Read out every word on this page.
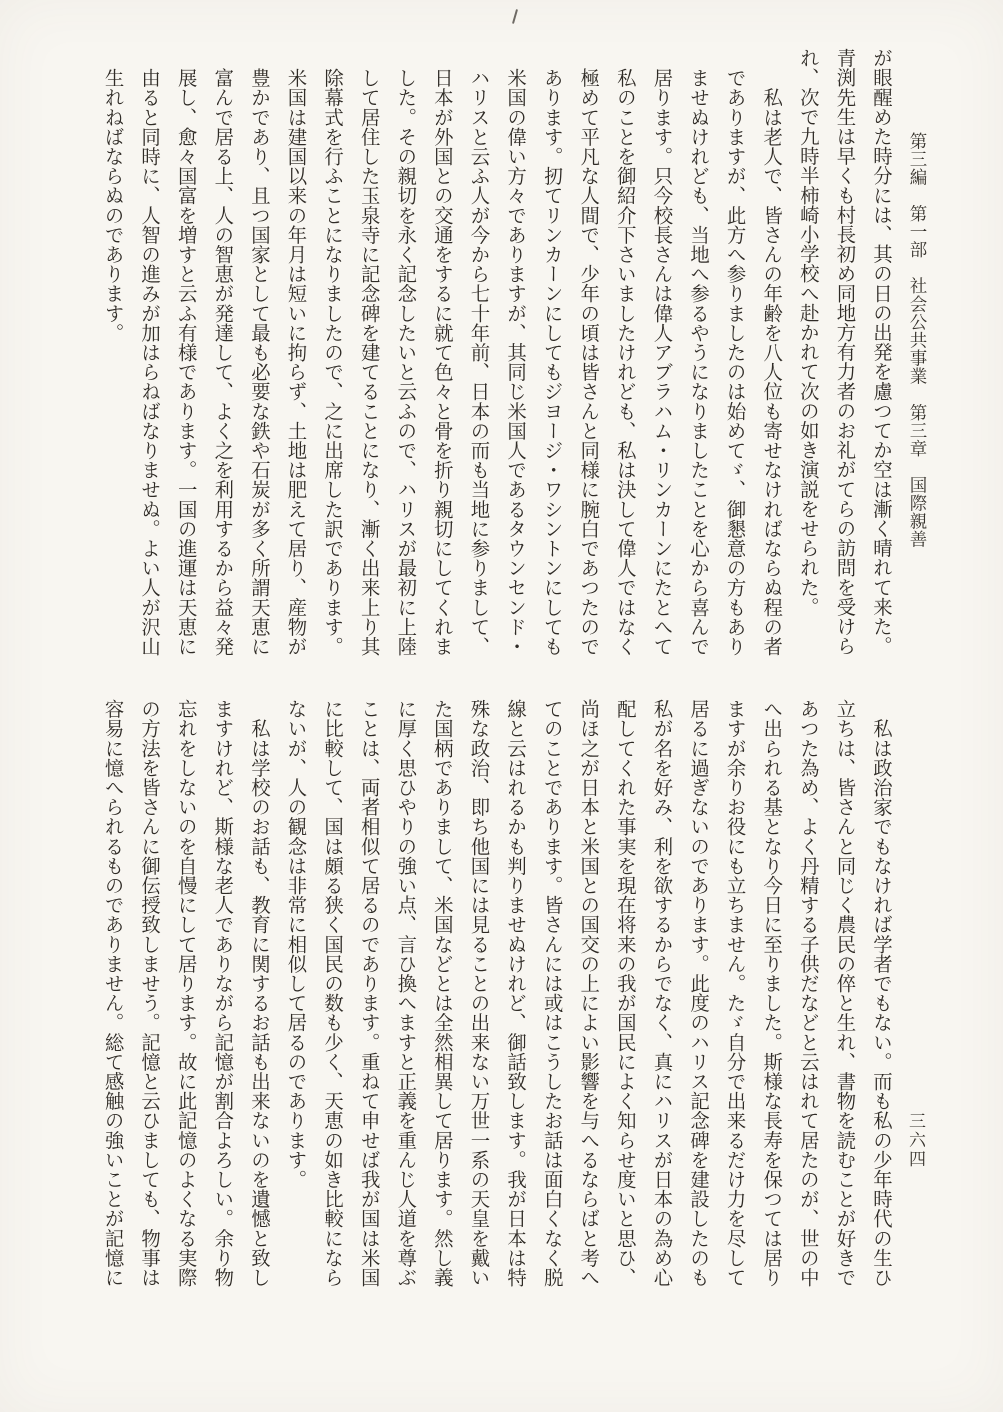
第三編　第一部　社会公共事業　第三章　国際親善
が眼醒めた時分には、其の日の出発を慮つてか空は漸く晴れて来た。
青渕先生は早くも村長初め同地方有力者のお礼がてらの訪問を受けら
れ、次で九時半柿崎小学校へ赴かれて次の如き演説をせられた。
　私は老人で、皆さんの年齢を八人位も寄せなければならぬ程の者
でありますが、此方へ参りましたのは始めてゞ、御懇意の方もあり
ませぬけれども、当地へ参るやうになりましたことを心から喜んで
居ります。只今校長さんは偉人アブラハム・リンカーンにたとへて
私のことを御紹介下さいましたけれども、私は決して偉人ではなく
極めて平凡な人間で、少年の頃は皆さんと同様に腕白であつたので
あります。扨てリンカーンにしてもジヨージ・ワシントンにしても
米国の偉い方々でありますが、其同じ米国人であるタウンセンド・
ハリスと云ふ人が今から七十年前、日本の而も当地に参りまして、
日本が外国との交通をするに就て色々と骨を折り親切にしてくれま
した。その親切を永く記念したいと云ふので、ハリスが最初に上陸
して居住した玉泉寺に記念碑を建てることになり、漸く出来上り其
除幕式を行ふことになりましたので、之に出席した訳であります。
米国は建国以来の年月は短いに拘らず、土地は肥えて居り、産物が
豊かであり、且つ国家として最も必要な鉄や石炭が多く所謂天恵に
富んで居る上、人の智恵が発達して、よく之を利用するから益々発
展し、愈々国富を増すと云ふ有様であります。一国の進運は天恵に
由ると同時に、人智の進みが加はらねばなりませぬ。よい人が沢山
生れねばならぬのであります。
　私は政治家でもなければ学者でもない。而も私の少年時代の生ひ
立ちは、皆さんと同じく農民の倅と生れ、書物を読むことが好きで
あつた為め、よく丹精する子供だなどと云はれて居たのが、世の中
へ出られる基となり今日に至りました。斯様な長寿を保つては居り
ますが余りお役にも立ちません。たゞ自分で出来るだけ力を尽して
居るに過ぎないのであります。此度のハリス記念碑を建設したのも
私が名を好み、利を欲するからでなく、真にハリスが日本の為め心
配してくれた事実を現在将来の我が国民によく知らせ度いと思ひ、
尚ほ之が日本と米国との国交の上によい影響を与へるならばと考へ
てのことであります。皆さんには或はこうしたお話は面白くなく脱
線と云はれるかも判りませぬけれど、御話致します。我が日本は特
殊な政治、即ち他国には見ることの出来ない万世一系の天皇を戴い
た国柄でありまして、米国などとは全然相異して居ります。然し義
に厚く思ひやりの強い点、言ひ換へますと正義を重んじ人道を尊ぶ
ことは、両者相似て居るのであります。重ねて申せば我が国は米国
に比較して、国は頗る狭く国民の数も少く、天恵の如き比較になら
ないが、人の観念は非常に相似して居るのであります。
　私は学校のお話も、教育に関するお話も出来ないのを遺憾と致し
ますけれど、斯様な老人でありながら記憶が割合よろしい。余り物
忘れをしないのを自慢にして居ります。故に此記憶のよくなる実際
の方法を皆さんに御伝授致しませう。記憶と云ひましても、物事は
容易に憶へられるものでありません。総て感触の強いことが記憶に	三六四
